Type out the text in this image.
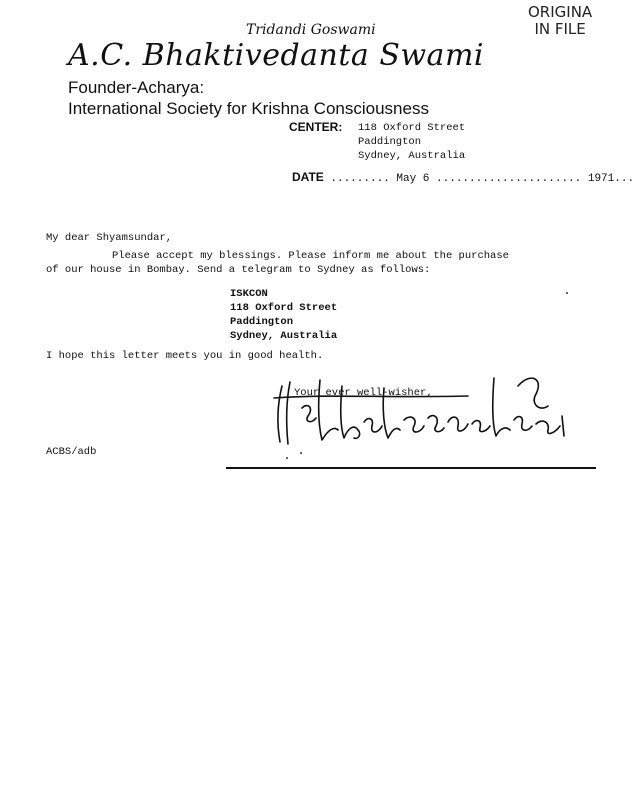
ORIGINA
IN FILE
Tridandi Goswami
A.C. Bhaktivedanta Swami
Founder-Acharya:
International Society for Krishna Consciousness
CENTER: 118 Oxford Street
Paddington
Sydney, Australia
DATE ......... May 6 ...................... 1971...
My dear Shyamsundar,
Please accept my blessings. Please inform me about the purchase
of our house in Bombay. Send a telegram to Sydney as follows:
ISKCON
118 Oxford Street
Paddington
Sydney, Australia
I hope this letter meets you in good health.
Your ever well-wisher,
ACBS/adb
